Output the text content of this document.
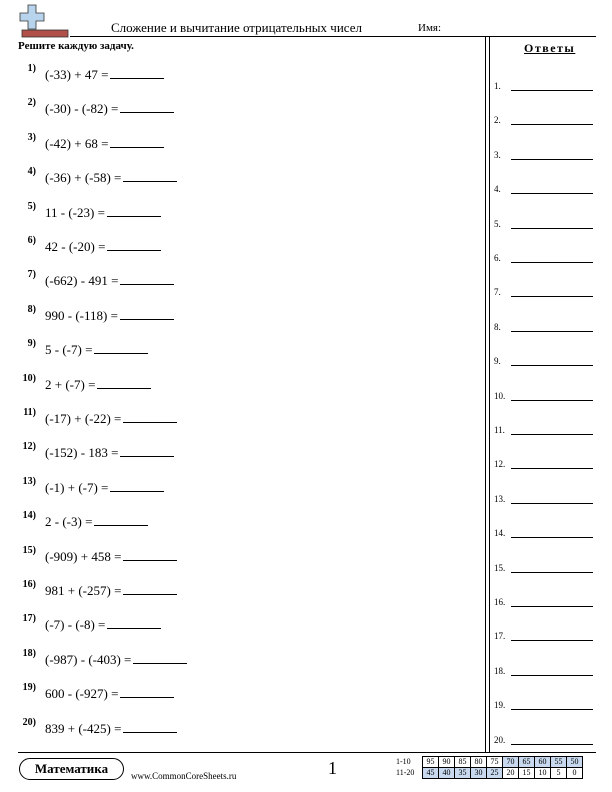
Сложение и вычитание отрицательных чисел	Имя:
Решите каждую задачу.	Ответы
1) (-33) + 47 =
2) (-30) - (-82) =
3) (-42) + 68 =
4) (-36) + (-58) =
5) 11 - (-23) =
6) 42 - (-20) =
7) (-662) - 491 =
8) 990 - (-118) =
9) 5 - (-7) =
10) 2 + (-7) =
11) (-17) + (-22) =
12) (-152) - 183 =
13) (-1) + (-7) =
14) 2 - (-3) =
15) (-909) + 458 =
16) 981 + (-257) =
17) (-7) - (-8) =
18) (-987) - (-403) =
19) 600 - (-927) =
20) 839 + (-425) =
1.
2.
3.
4.
5.
6.
7.
8.
9.
10.
11.
12.
13.
14.
15.
16.
17.
18.
19.
20.
Математика	www.CommonCoreSheets.ru	1	1-10	95	90	85	80	75	70	65	60	55	50
11-20	45	40	35	30	25	20	15	10	5	0
